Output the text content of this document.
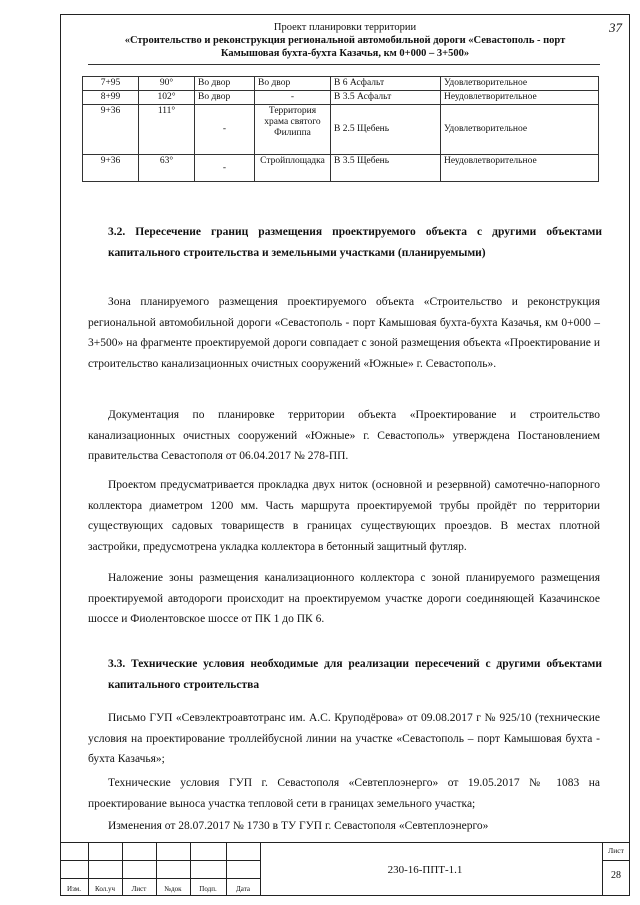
Проект планировки территории
«Строительство и реконструкция региональной автомобильной дороги «Севастополь - порт
Камышовая бухта-бухта Казачья, км 0+000 – 3+500»
37
7+95	90°	Во двор	Во двор	В 6 Асфальт	Удовлетворительное
8+99	102°	Во двор	-	В 3.5 Асфальт	Неудовлетворительное
9+36	111°	-	Территория храма святого Филиппа	В 2.5 Щебень	Удовлетворительное
9+36	63°	-	Стройплощадка	В 3.5 Щебень	Неудовлетворительное
3.2. Пересечение границ размещения проектируемого объекта с другими объектами капитального строительства и земельными участками (планируемыми)

Зона планируемого размещения проектируемого объекта «Строительство и реконструкция региональной автомобильной дороги «Севастополь - порт Камышовая бухта-бухта Казачья, км 0+000 – 3+500» на фрагменте проектируемой дороги совпадает с зоной размещения объекта «Проектирование и строительство канализационных очистных сооружений «Южные» г. Севастополь».

Документация по планировке территории объекта «Проектирование и строительство канализационных очистных сооружений «Южные» г. Севастополь» утверждена Постановлением правительства Севастополя от 06.04.2017 № 278-ПП.

Проектом предусматривается прокладка двух ниток (основной и резервной) самотечно-напорного коллектора диаметром 1200 мм. Часть маршрута проектируемой трубы пройдёт по территории существующих садовых товариществ в границах существующих проездов. В местах плотной застройки, предусмотрена укладка коллектора в бетонный защитный футляр.

Наложение зоны размещения канализационного коллектора с зоной планируемого размещения проектируемой автодороги происходит на проектируемом участке дороги соединяющей Казачинское шоссе и Фиолентовское шоссе от ПК 1 до ПК 6.

3.3. Технические условия необходимые для реализации пересечений с другими объектами капитального строительства

Письмо ГУП «Севэлектроавтотранс им. А.С. Круподёрова» от 09.08.2017 г № 925/10 (технические условия на проектирование троллейбусной линии на участке «Севастополь – порт Камышовая бухта - бухта Казачья»;

Технические условия ГУП г. Севастополя «Севтеплоэнерго» от 19.05.2017 № 1083 на проектирование выноса участка тепловой сети в границах земельного участка;

Изменения от 28.07.2017 № 1730 в ТУ ГУП г. Севастополя «Севтеплоэнерго»

Изм.	Кол.уч	Лист	№док	Подп.	Дата
230-16-ППТ-1.1
Лист
28
